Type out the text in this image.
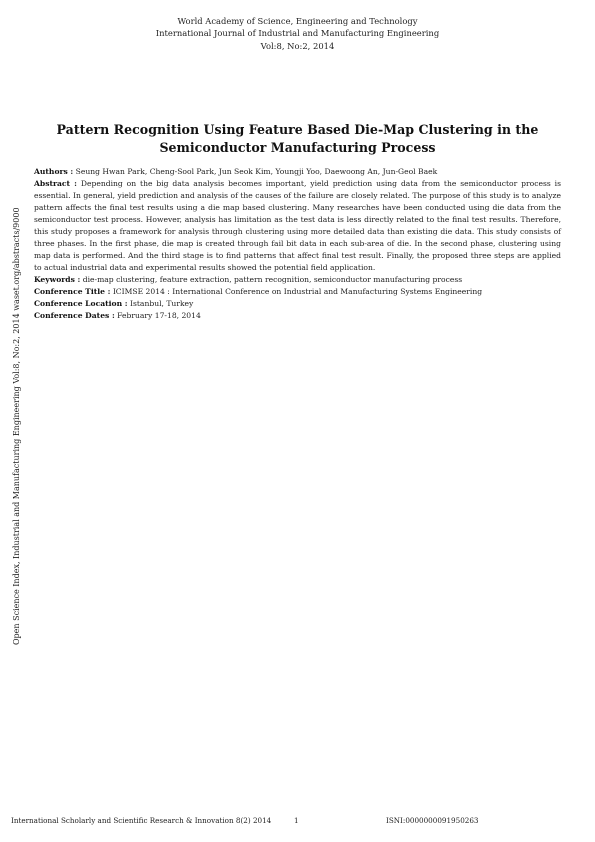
World Academy of Science, Engineering and Technology
International Journal of Industrial and Manufacturing Engineering
Vol:8, No:2, 2014
Pattern Recognition Using Feature Based Die-Map Clustering in the Semiconductor Manufacturing Process

Authors : Seung Hwan Park, Cheng-Sool Park, Jun Seok Kim, Youngji Yoo, Daewoong An, Jun-Geol Baek

Abstract : Depending on the big data analysis becomes important, yield prediction using data from the semiconductor process is essential. In general, yield prediction and analysis of the causes of the failure are closely related. The purpose of this study is to analyze pattern affects the final test results using a die map based clustering. Many researches have been conducted using die data from the semiconductor test process. However, analysis has limitation as the test data is less directly related to the final test results. Therefore, this study proposes a framework for analysis through clustering using more detailed data than existing die data. This study consists of three phases. In the first phase, die map is created through fail bit data in each sub-area of die. In the second phase, clustering using map data is performed. And the third stage is to find patterns that affect final test result. Finally, the proposed three steps are applied to actual industrial data and experimental results showed the potential field application.

Keywords : die-map clustering, feature extraction, pattern recognition, semiconductor manufacturing process

Conference Title : ICIMSE 2014 : International Conference on Industrial and Manufacturing Systems Engineering

Conference Location : Istanbul, Turkey

Conference Dates : February 17-18, 2014

Open Science Index, Industrial and Manufacturing Engineering Vol:8, No:2, 2014 waset.org/abstracts/9000
International Scholarly and Scientific Research & Innovation 8(2) 2014	1	ISNI:0000000091950263
